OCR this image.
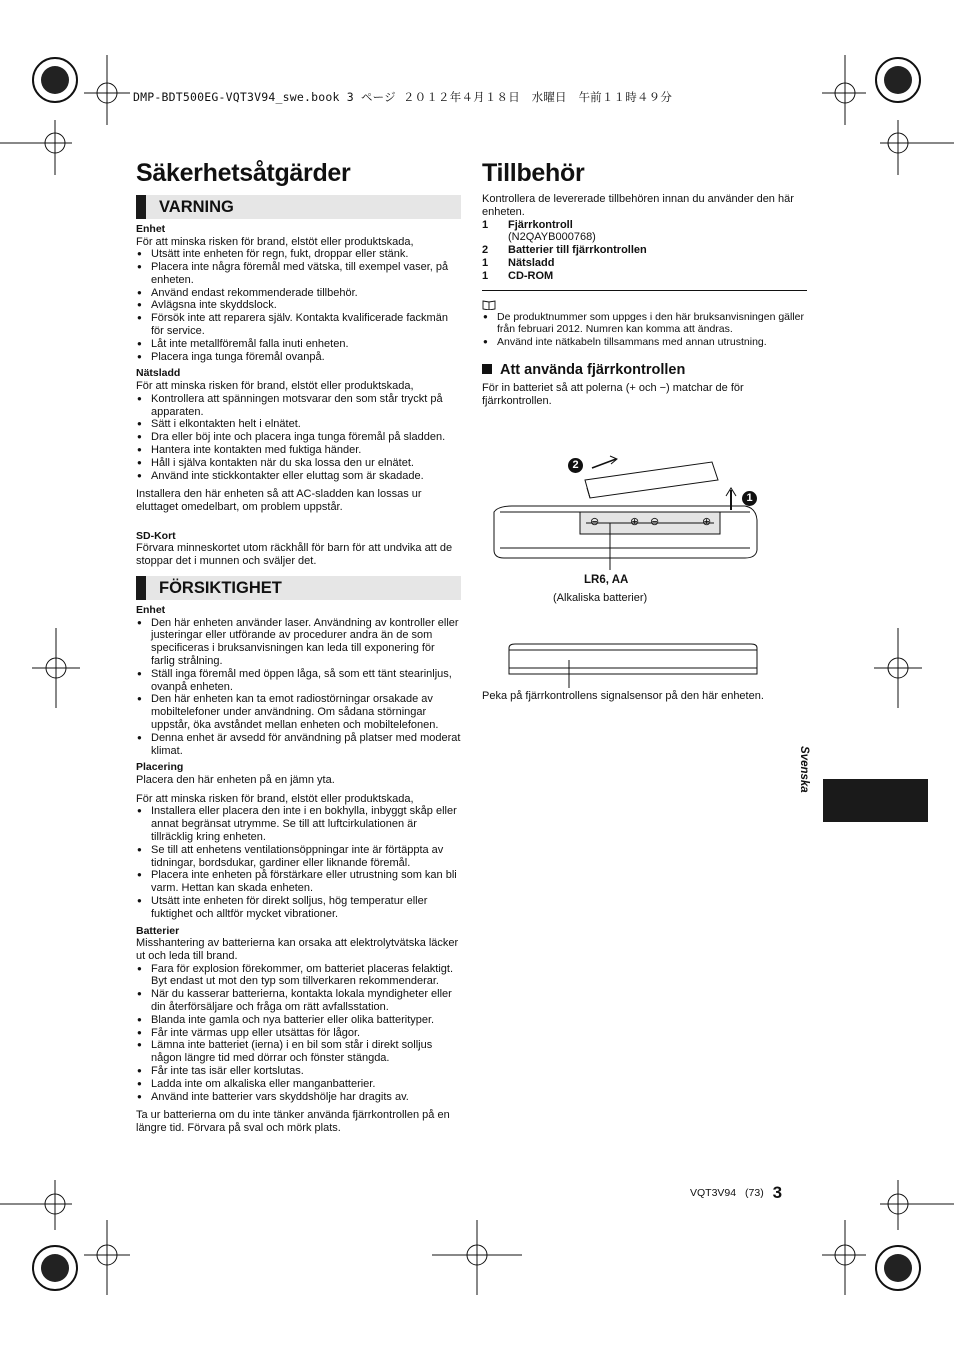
DMP-BDT500EG-VQT3V94_swe.book 3 ページ ２０１２年４月１８日　水曜日　午前１１時４９分
Säkerhetsåtgärder
VARNING
Enhet

För att minska risken för brand, elstöt eller produktskada,

● Utsätt inte enheten för regn, fukt, droppar eller stänk.
● Placera inte några föremål med vätska, till exempel vaser, på enheten.
● Använd endast rekommenderade tillbehör.
● Avlägsna inte skyddslock.
● Försök inte att reparera själv. Kontakta kvalificerade fackmän för service.
● Låt inte metallföremål falla inuti enheten.
● Placera inga tunga föremål ovanpå.
Nätsladd

För att minska risken för brand, elstöt eller produktskada,

● Kontrollera att spänningen motsvarar den som står tryckt på apparaten.
● Sätt i elkontakten helt i elnätet.
● Dra eller böj inte och placera inga tunga föremål på sladden.
● Hantera inte kontakten med fuktiga händer.
● Håll i själva kontakten när du ska lossa den ur elnätet.
● Använd inte stickkontakter eller eluttag som är skadade.

Installera den här enheten så att AC-sladden kan lossas ur eluttaget omedelbart, om problem uppstår.

SD-Kort

Förvara minneskortet utom räckhåll för barn för att undvika att de stoppar det i munnen och sväljer det.

FÖRSIKTIGHET
Enhet
● Den här enheten använder laser. Användning av kontroller eller justeringar eller utförande av procedurer andra än de som specificeras i bruksanvisningen kan leda till exponering för farlig strålning.
● Ställ inga föremål med öppen låga, så som ett tänt stearinljus, ovanpå enheten.
● Den här enheten kan ta emot radiostörningar orsakade av mobiltelefoner under användning. Om sådana störningar uppstår, öka avståndet mellan enheten och mobiltelefonen.
● Denna enhet är avsedd för användning på platser med moderat klimat.
Placering

Placera den här enheten på en jämn yta.

För att minska risken för brand, elstöt eller produktskada,

● Installera eller placera den inte i en bokhylla, inbyggt skåp eller annat begränsat utrymme. Se till att luftcirkulationen är tillräcklig kring enheten.
● Se till att enhetens ventilationsöppningar inte är förtäppta av tidningar, bordsdukar, gardiner eller liknande föremål.
● Placera inte enheten på förstärkare eller utrustning som kan bli varm. Hettan kan skada enheten.
● Utsätt inte enheten för direkt solljus, hög temperatur eller fuktighet och alltför mycket vibrationer.
Batterier

Misshantering av batterierna kan orsaka att elektrolytvätska läcker ut och leda till brand.

● Fara för explosion förekommer, om batteriet placeras felaktigt. Byt endast ut mot den typ som tillverkaren rekommenderar.
● När du kasserar batterierna, kontakta lokala myndigheter eller din återförsäljare och fråga om rätt avfallsstation.
● Blanda inte gamla och nya batterier eller olika batterityper.
● Får inte värmas upp eller utsättas för lågor.
● Lämna inte batteriet (ierna) i en bil som står i direkt solljus någon längre tid med dörrar och fönster stängda.
● Får inte tas isär eller kortslutas.
● Ladda inte om alkaliska eller manganbatterier.
● Använd inte batterier vars skyddshölje har dragits av.

Ta ur batterierna om du inte tänker använda fjärrkontrollen på en längre tid. Förvara på sval och mörk plats.

Tillbehör

Kontrollera de levererade tillbehören innan du använder den här enheten.

1	Fjärrkontroll
(N2QAYB000768)
2	Batterier till fjärrkontrollen
1	Nätsladd
1	CD-ROM
● De produktnummer som uppges i den här bruksanvisningen gäller från februari 2012. Numren kan komma att ändras.
● Använd inte nätkabeln tillsammans med annan utrustning.
Att använda fjärrkontrollen

För in batteriet så att polerna (+ och −) matchar de för fjärrkontrollen.

⊖	⊕ ⊖	⊕
2
1
LR6, AA
(Alkaliska batterier)
Peka på fjärrkontrollens signalsensor på den här enheten.
Svenska
VQT3V94 (73) 3
